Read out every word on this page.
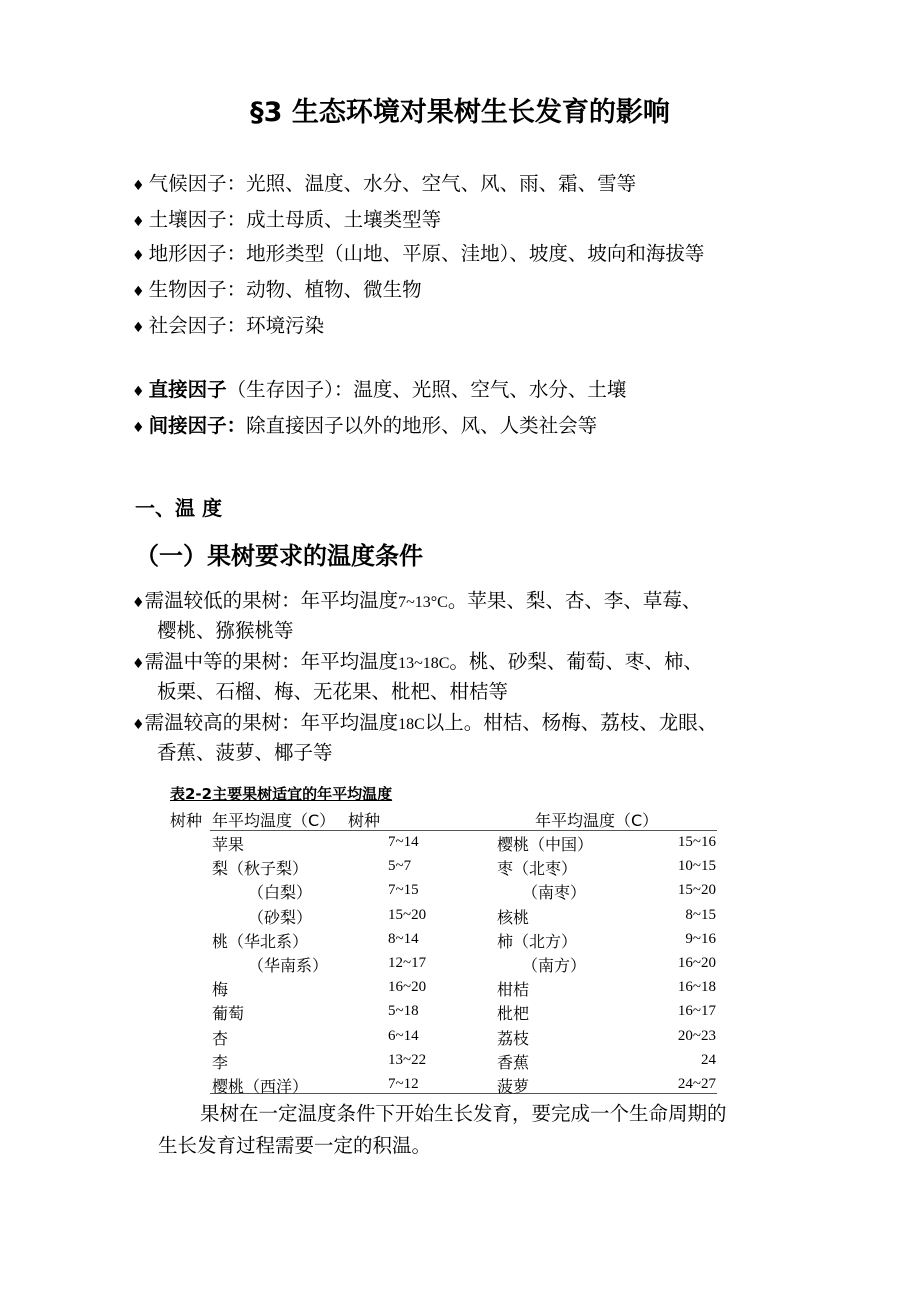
§3 生态环境对果树生长发育的影响
一、温 度
（一）果树要求的温度条件
表2-2主要果树适宜的年平均温度
树种 年平均温度（C） 树种	年平均温度（C）
果树在一定温度条件下开始生长发育，要完成一个生命周期的
生长发育过程需要一定的积温。
♦ 气候因子：光照、温度、水分、空气、风、雨、霜、雪等
♦ 土壤因子：成土母质、土壤类型等
♦ 地形因子：地形类型（山地、平原、洼地）、坡度、坡向和海拔等
♦ 生物因子：动物、植物、微生物
♦ 社会因子：环境污染
♦ 直接因子（生存因子）：温度、光照、空气、水分、土壤
♦ 间接因子：除直接因子以外的地形、风、人类社会等
♦需温较低的果树：年平均温度7~13°C。苹果、梨、杏、李、草莓、
樱桃、猕猴桃等
♦需温中等的果树：年平均温度13~18C。桃、砂梨、葡萄、枣、柿、
板栗、石榴、梅、无花果、枇杷、柑桔等
♦需温较高的果树：年平均温度18C以上。柑桔、杨梅、荔枝、龙眼、
香蕉、菠萝、椰子等
苹果	7~14	樱桃（中国）	15~16
梨（秋子梨）	5~7	枣（北枣）	10~15
（白梨）	7~15	（南枣）	15~20
（砂梨）	15~20	核桃	8~15
桃（华北系）	8~14	柿（北方）	9~16
（华南系）	12~17	（南方）	16~20
梅	16~20	柑桔	16~18
葡萄	5~18	枇杷	16~17
杏	6~14	荔枝	20~23
李	13~22	香蕉	24
樱桃（西洋）	7~12	菠萝	24~27
